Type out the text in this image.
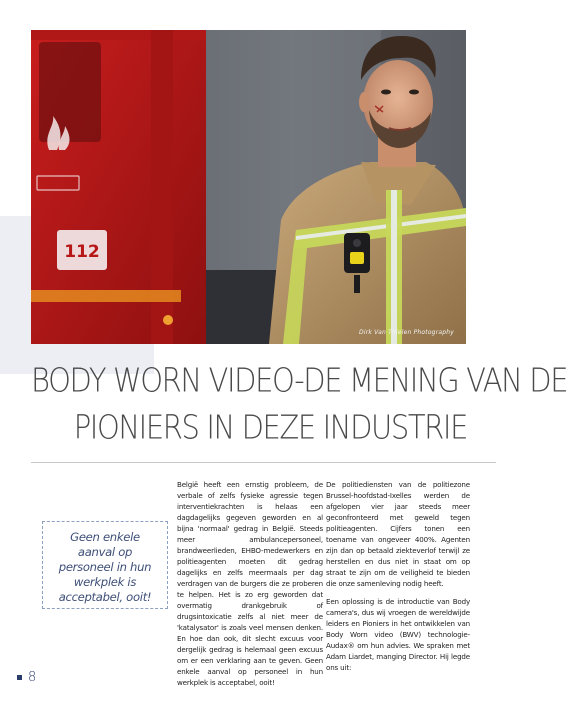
112
Dirk Van Thielen Photography
BODY WORN VIDEO-DE MENING VAN DE
PIONIERS IN DEZE INDUSTRIE
Geen enkele aanval op personeel in hun werkplek is acceptabel, ooit!

België heeft een ernstig probleem, de verbale of zelfs fysieke agressie tegen interventiekrachten is helaas een dagdagelijks gegeven geworden en al bijna 'normaal' gedrag in België. Steeds meer ambulancepersoneel, brandweerlieden, EHBO-medewerkers en politieagenten moeten dit gedrag dagelijks en zelfs meermaals per dag verdragen van de burgers die ze proberen te helpen. Het is zo erg geworden dat overmatig drankgebruik of drugsintoxicatie zelfs al niet meer de 'katalysator' is zoals veel mensen denken. En hoe dan ook, dit slecht excuus voor dergelijk gedrag is helemaal geen excuus om er een verklaring aan te geven. Geen enkele aanval op personeel in hun werkplek is acceptabel, ooit!

De politiediensten van de politiezone Brussel-hoofdstad-Ixelles werden de afgelopen vier jaar steeds meer geconfronteerd met geweld tegen politieagenten. Cijfers tonen een toename van ongeveer 400%. Agenten zijn dan op betaald ziekteverlof terwijl ze herstellen en dus niet in staat om op straat te zijn om de veiligheid te bieden die onze samenleving nodig heeft.

Een oplossing is de introductie van Body camera's, dus wij vroegen de wereldwijde leiders en Pioniers in het ontwikkelen van Body Worn video (BWV) technologie-Audax® om hun advies. We spraken met Adam Liardet, manging Director. Hij legde ons uit:

8
